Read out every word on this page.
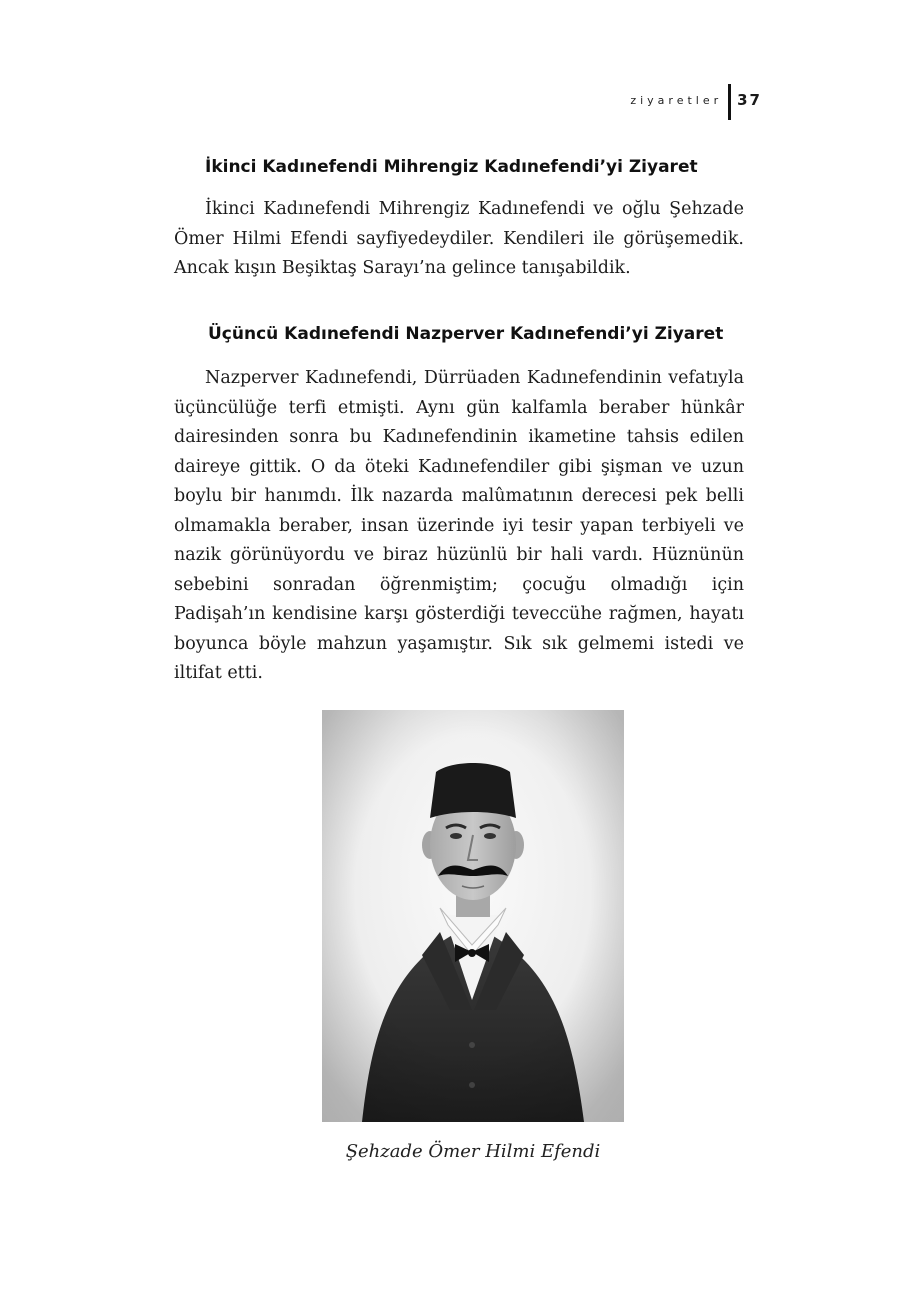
ziyaretler	37
İkinci Kadınefendi Mihrengiz Kadınefendi’yi Ziyaret

İkinci Kadınefendi Mihrengiz Kadınefendi ve oğlu Şehzade Ömer Hilmi Efendi sayfiyedeydiler. Kendileri ile görüşemedik. Ancak kışın Beşiktaş Sarayı’na gelince tanışabildik.

Üçüncü Kadınefendi Nazperver Kadınefendi’yi Ziyaret

Nazperver Kadınefendi, Dürrüaden Kadınefendinin vefatıyla üçüncülüğe terfi etmişti. Aynı gün kalfamla beraber hünkâr dairesinden sonra bu Kadınefendinin ikametine tahsis edilen daireye gittik. O da öteki Kadınefendiler gibi şişman ve uzun boylu bir hanımdı. İlk nazarda malûmatının derecesi pek belli olmamakla beraber, insan üzerinde iyi tesir yapan terbiyeli ve nazik görünüyordu ve biraz hüzünlü bir hali vardı. Hüznünün sebebini sonradan öğrenmiştim; çocuğu olmadığı için Padişah’ın kendisine karşı gösterdiği teveccühe rağmen, hayatı boyunca böyle mahzun yaşamıştır. Sık sık gelmemi istedi ve iltifat etti.

Şehzade Ömer Hilmi Efendi
